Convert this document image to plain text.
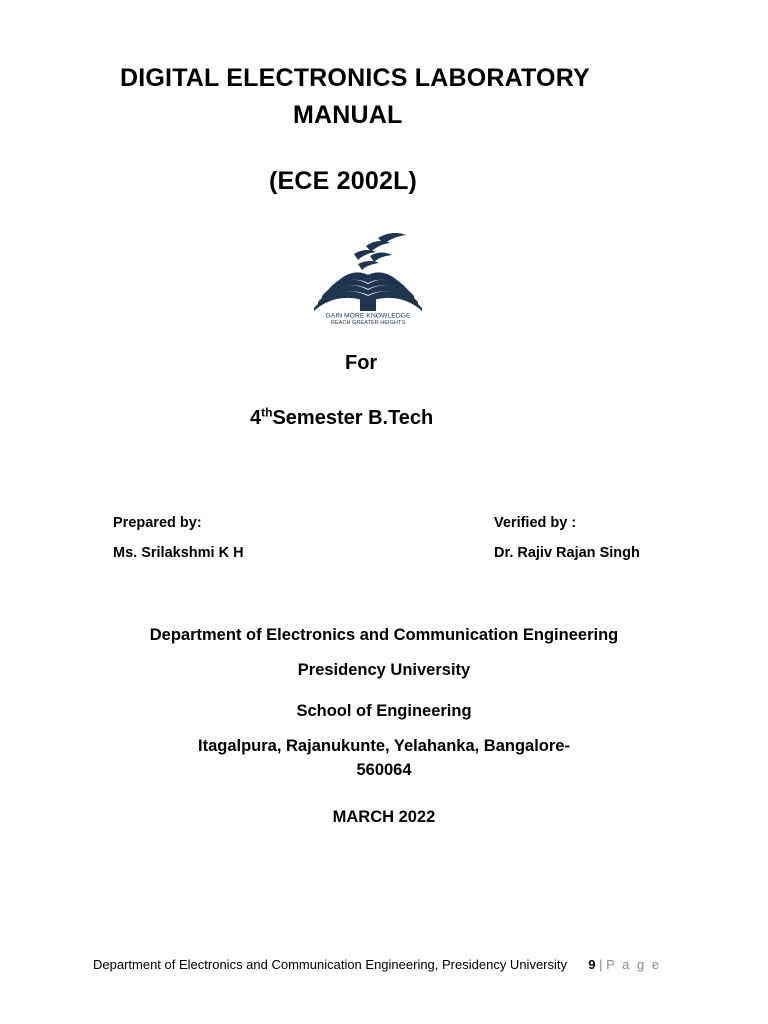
DIGITAL ELECTRONICS LABORATORY
MANUAL
(ECE 2002L)
GAIN MORE KNOWLEDGE
REACH GREATER HEIGHTS
For
4thSemester B.Tech
Prepared by:
Ms. Srilakshmi K H
Verified by :
Dr. Rajiv Rajan Singh
Department of Electronics and Communication Engineering
Presidency University
School of Engineering
Itagalpura, Rajanukunte, Yelahanka, Bangalore-
560064
MARCH 2022
Department of Electronics and Communication Engineering, Presidency University 9 | P a g e
